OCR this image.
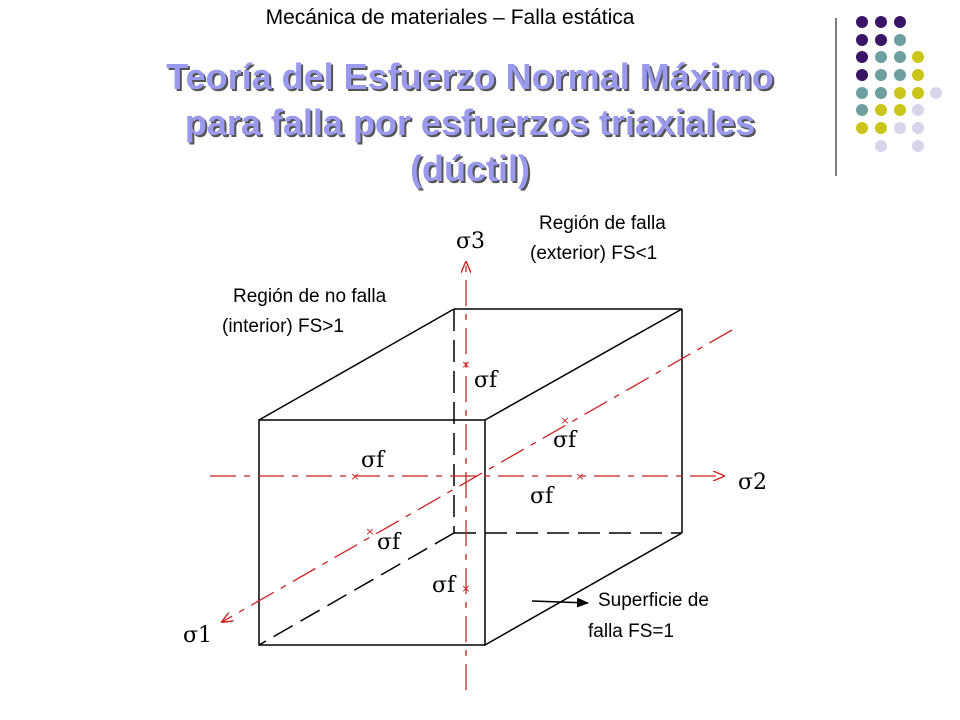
Mecánica de materiales – Falla estática
Teoría del Esfuerzo Normal Máximo
para falla por esfuerzos triaxiales
(dúctil)
×
×
×	×
×
×
σ3
σ2
σ1
σf
σf
σf
σf
σf
σf
Región de falla
(exterior) FS<1
Región de no falla
(interior) FS>1
Superficie de
falla FS=1
